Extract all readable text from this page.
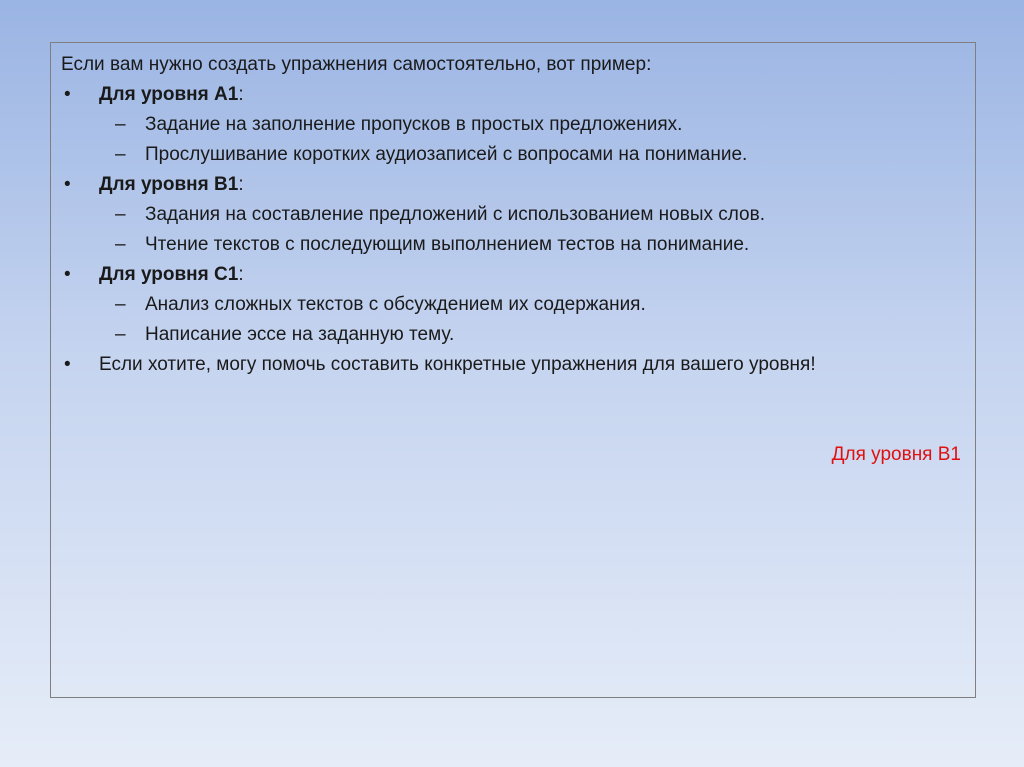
Если вам нужно создать упражнения самостоятельно, вот пример:

• Для уровня A1:
– Задание на заполнение пропусков в простых предложениях.
– Прослушивание коротких аудиозаписей с вопросами на понимание.
• Для уровня B1:
– Задания на составление предложений с использованием новых слов.
– Чтение текстов с последующим выполнением тестов на понимание.
• Для уровня C1:
– Анализ сложных текстов с обсуждением их содержания.
– Написание эссе на заданную тему.
• Если хотите, могу помочь составить конкретные упражнения для вашего уровня!
Для уровня B1
